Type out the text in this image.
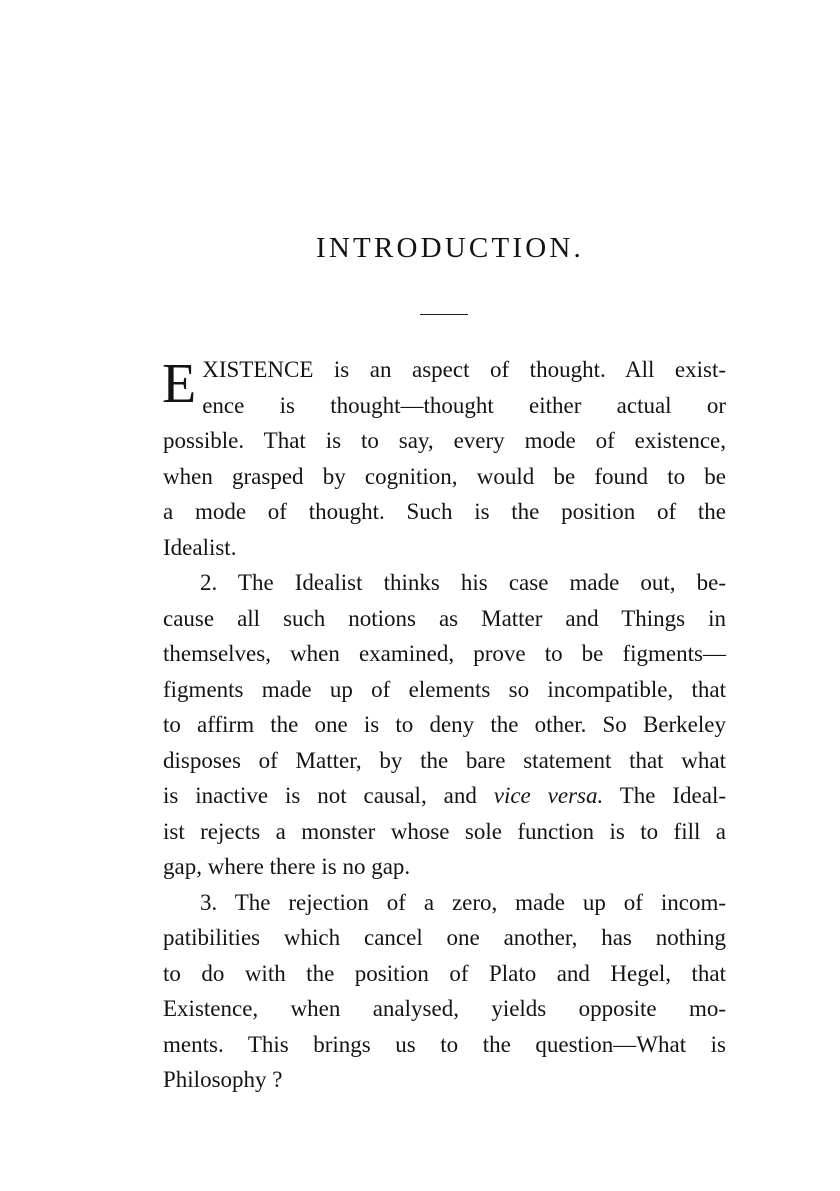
INTRODUCTION.
E XISTENCE is an aspect of thought. All exist-
ence is thought—thought either actual or
possible. That is to say, every mode of existence,
when grasped by cognition, would be found to be
a mode of thought. Such is the position of the
Idealist.
2. The Idealist thinks his case made out, be-
cause all such notions as Matter and Things in
themselves, when examined, prove to be figments—
figments made up of elements so incompatible, that
to affirm the one is to deny the other. So Berkeley
disposes of Matter, by the bare statement that what
is inactive is not causal, and vice versa. The Ideal-
ist rejects a monster whose sole function is to fill a
gap, where there is no gap.
3. The rejection of a zero, made up of incom-
patibilities which cancel one another, has nothing
to do with the position of Plato and Hegel, that
Existence, when analysed, yields opposite mo-
ments. This brings us to the question—What is
Philosophy ?
